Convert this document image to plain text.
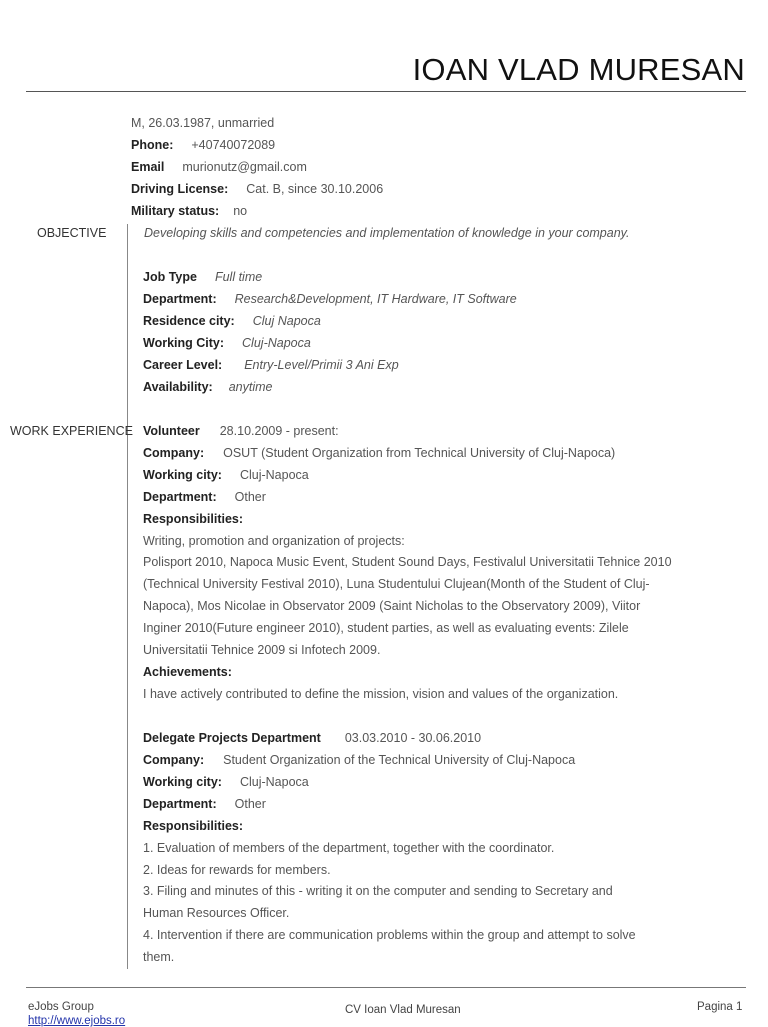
IOAN VLAD MURESAN
M, 26.03.1987, unmarried
Phone: +40740072089
Email murionutz@gmail.com
Driving License: Cat. B, since 30.10.2006
Military status: no
OBJECTIVE	Developing skills and competencies and implementation of knowledge in your company.
Job Type Full time
Department: Research&Development, IT Hardware, IT Software
Residence city: Cluj Napoca
Working City: Cluj-Napoca
Career Level: Entry-Level/Primii 3 Ani Exp
Availability: anytime
WORK EXPERIENCE Volunteer 28.10.2009 - present:
Company: OSUT (Student Organization from Technical University of Cluj-Napoca)
Working city: Cluj-Napoca
Department: Other
Responsibilities:
Writing, promotion and organization of projects:
Polisport 2010, Napoca Music Event, Student Sound Days, Festivalul Universitatii Tehnice 2010 (Technical University Festival 2010), Luna Studentului Clujean(Month of the Student of Cluj-Napoca), Mos Nicolae in Observator 2009 (Saint Nicholas to the Observatory 2009), Viitor Inginer 2010(Future engineer 2010), student parties, as well as evaluating events: Zilele Universitatii Tehnice 2009 si Infotech 2009.
Achievements:
I have actively contributed to define the mission, vision and values of the organization.
Delegate Projects Department 03.03.2010 - 30.06.2010
Company: Student Organization of the Technical University of Cluj-Napoca
Working city: Cluj-Napoca
Department: Other
Responsibilities:
1. Evaluation of members of the department, together with the coordinator.
2. Ideas for rewards for members.
3. Filing and minutes of this - writing it on the computer and sending to Secretary and Human Resources Officer.
4. Intervention if there are communication problems within the group and attempt to solve them.
eJobs Group
http://www.ejobs.ro
CV Ioan Vlad Muresan	Pagina 1
